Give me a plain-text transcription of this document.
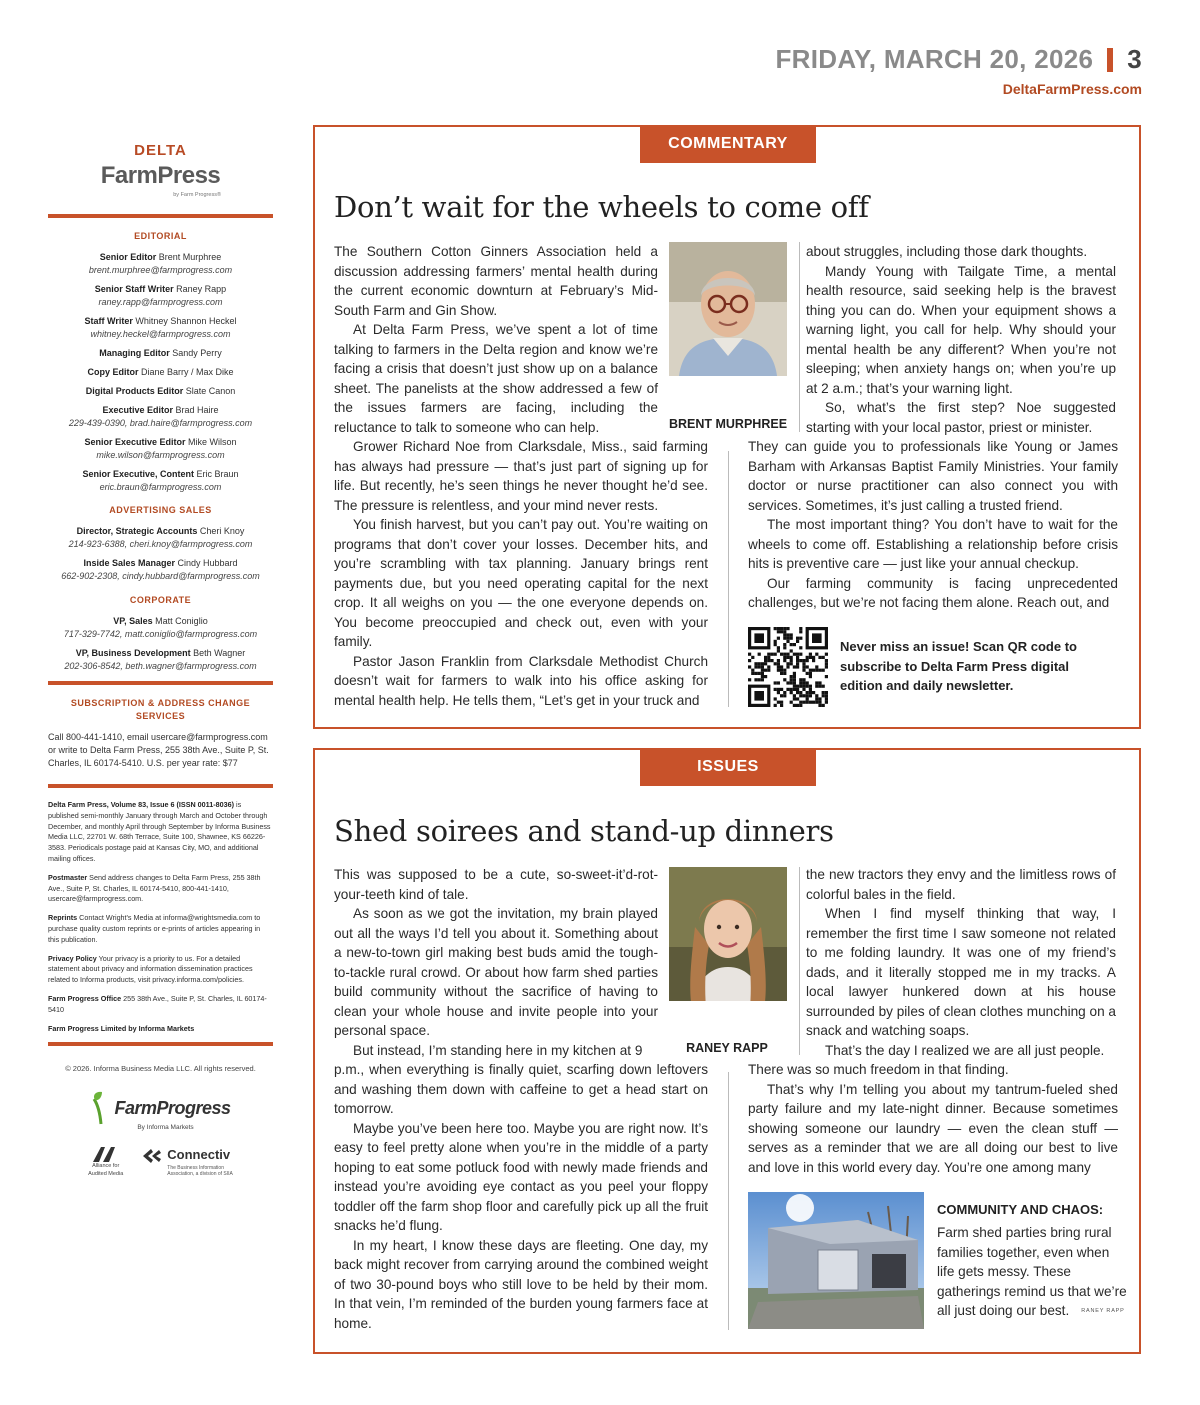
FRIDAY, MARCH 20, 2026 3
DeltaFarmPress.com
DELTA
FarmPress
by Farm Progress®
EDITORIAL
Senior Editor Brent Murphree
brent.murphree@farmprogress.com
Senior Staff Writer Raney Rapp
raney.rapp@farmprogress.com
Staff Writer Whitney Shannon Heckel
whitney.heckel@farmprogress.com
Managing Editor Sandy Perry
Copy Editor Diane Barry / Max Dike
Digital Products Editor Slate Canon
Executive Editor Brad Haire
229-439-0390, brad.haire@farmprogress.com
Senior Executive Editor Mike Wilson
mike.wilson@farmprogress.com
Senior Executive, Content Eric Braun
eric.braun@farmprogress.com
ADVERTISING SALES
Director, Strategic Accounts Cheri Knoy
214-923-6388, cheri.knoy@farmprogress.com
Inside Sales Manager Cindy Hubbard
662-902-2308, cindy.hubbard@farmprogress.com
CORPORATE
VP, Sales Matt Coniglio
717-329-7742, matt.coniglio@farmprogress.com
VP, Business Development Beth Wagner
202-306-8542, beth.wagner@farmprogress.com
SUBSCRIPTION & ADDRESS CHANGE SERVICES
Call 800-441-1410, email usercare@farmprogress.com or write to Delta Farm Press, 255 38th Ave., Suite P, St. Charles, IL 60174-5410. U.S. per year rate: $77
Delta Farm Press, Volume 83, Issue 6 (ISSN 0011-8036) is published semi-monthly January through March and October through December, and monthly April through September by Informa Business Media LLC, 22701 W. 68th Terrace, Suite 100, Shawnee, KS 66226-3583. Periodicals postage paid at Kansas City, MO, and additional mailing offices.
Postmaster Send address changes to Delta Farm Press, 255 38th Ave., Suite P, St. Charles, IL 60174-5410, 800-441-1410, usercare@farmprogress.com.
Reprints Contact Wright's Media at informa@wrightsmedia.com to purchase quality custom reprints or e-prints of articles appearing in this publication.
Privacy Policy Your privacy is a priority to us. For a detailed statement about privacy and information dissemination practices related to Informa products, visit privacy.informa.com/policies.
Farm Progress Office 255 38th Ave., Suite P, St. Charles, IL 60174-5410
Farm Progress Limited by Informa Markets
© 2026. Informa Business Media LLC. All rights reserved.
FarmProgress
By Informa Markets
Alliance for
Audited Media
Connectiv
The Business Information
Association, a division of SIIA
COMMENTARY
Don’t wait for the wheels to come off
BRENT MURPHREE

The Southern Cotton Ginners Association held a discussion addressing farmers’ mental health during the current economic downturn at February’s Mid-South Farm and Gin Show.

At Delta Farm Press, we’ve spent a lot of time talking to farmers in the Delta region and know we’re facing a crisis that doesn’t just show up on a balance sheet. The panelists at the show addressed a few of the issues farmers are facing, including the reluctance to talk to someone who can help.

Grower Richard Noe from Clarksdale, Miss., said farming has always had pressure — that’s just part of signing up for life. But recently, he’s seen things he never thought he’d see. The pressure is relentless, and your mind never rests.

You finish harvest, but you can’t pay out. You’re waiting on programs that don’t cover your losses. December hits, and you’re scrambling with tax planning. January brings rent payments due, but you need operating capital for the next crop. It all weighs on you — the one everyone depends on. You become preoccupied and check out, even with your family.

Pastor Jason Franklin from Clarksdale Methodist Church doesn’t wait for farmers to walk into his office asking for mental health help. He tells them, “Let’s get in your truck and

about struggles, including those dark thoughts.

Mandy Young with Tailgate Time, a mental health resource, said seeking help is the bravest thing you can do. When your equipment shows a warning light, you call for help. Why should your mental health be any different? When you’re not sleeping; when anxiety hangs on; when you’re up at 2 a.m.; that’s your warning light.

So, what’s the first step? Noe suggested starting with your local pastor, priest or minister.

They can guide you to professionals like Young or James Barham with Arkansas Baptist Family Ministries. Your family doctor or nurse practitioner can also connect you with services. Sometimes, it’s just calling a trusted friend.

The most important thing? You don’t have to wait for the wheels to come off. Establishing a relationship before crisis hits is preventive care — just like your annual checkup.

Our farming community is facing unprecedented challenges, but we’re not facing them alone. Reach out, and

Never miss an issue! Scan QR code to subscribe to Delta Farm Press digital edition and daily newsletter.
ISSUES
Shed soirees and stand-up dinners
RANEY RAPP

This was supposed to be a cute, so-sweet-it’d-rot-your-teeth kind of tale.

As soon as we got the invitation, my brain played out all the ways I’d tell you about it. Something about a new-to-town girl making best buds amid the tough-to-tackle rural crowd. Or about how farm shed parties build community without the sacrifice of having to clean your whole house and invite people into your personal space.

But instead, I’m standing here in my kitchen at 9

p.m., when everything is finally quiet, scarfing down leftovers and washing them down with caffeine to get a head start on tomorrow.

Maybe you’ve been here too. Maybe you are right now. It’s easy to feel pretty alone when you’re in the middle of a party hoping to eat some potluck food with newly made friends and instead you’re avoiding eye contact as you peel your floppy toddler off the farm shop floor and carefully pick up all the fruit snacks he’d flung.

In my heart, I know these days are fleeting. One day, my back might recover from carrying around the combined weight of two 30-pound boys who still love to be held by their mom. In that vein, I’m reminded of the burden young farmers face at home.

the new tractors they envy and the limitless rows of colorful bales in the field.

When I find myself thinking that way, I remember the first time I saw someone not related to me folding laundry. It was one of my friend’s dads, and it literally stopped me in my tracks. A local lawyer hunkered down at his house surrounded by piles of clean clothes munching on a snack and watching soaps.

That’s the day I realized we are all just people.

There was so much freedom in that finding.

That’s why I’m telling you about my tantrum-fueled shed party failure and my late-night dinner. Because sometimes showing someone our laundry — even the clean stuff — serves as a reminder that we are all doing our best to live and love in this world every day. You’re one among many

COMMUNITY AND CHAOS:
Farm shed parties bring rural families together, even when life gets messy. These gatherings remind us that we’re all just doing our best. RANEY RAPP
